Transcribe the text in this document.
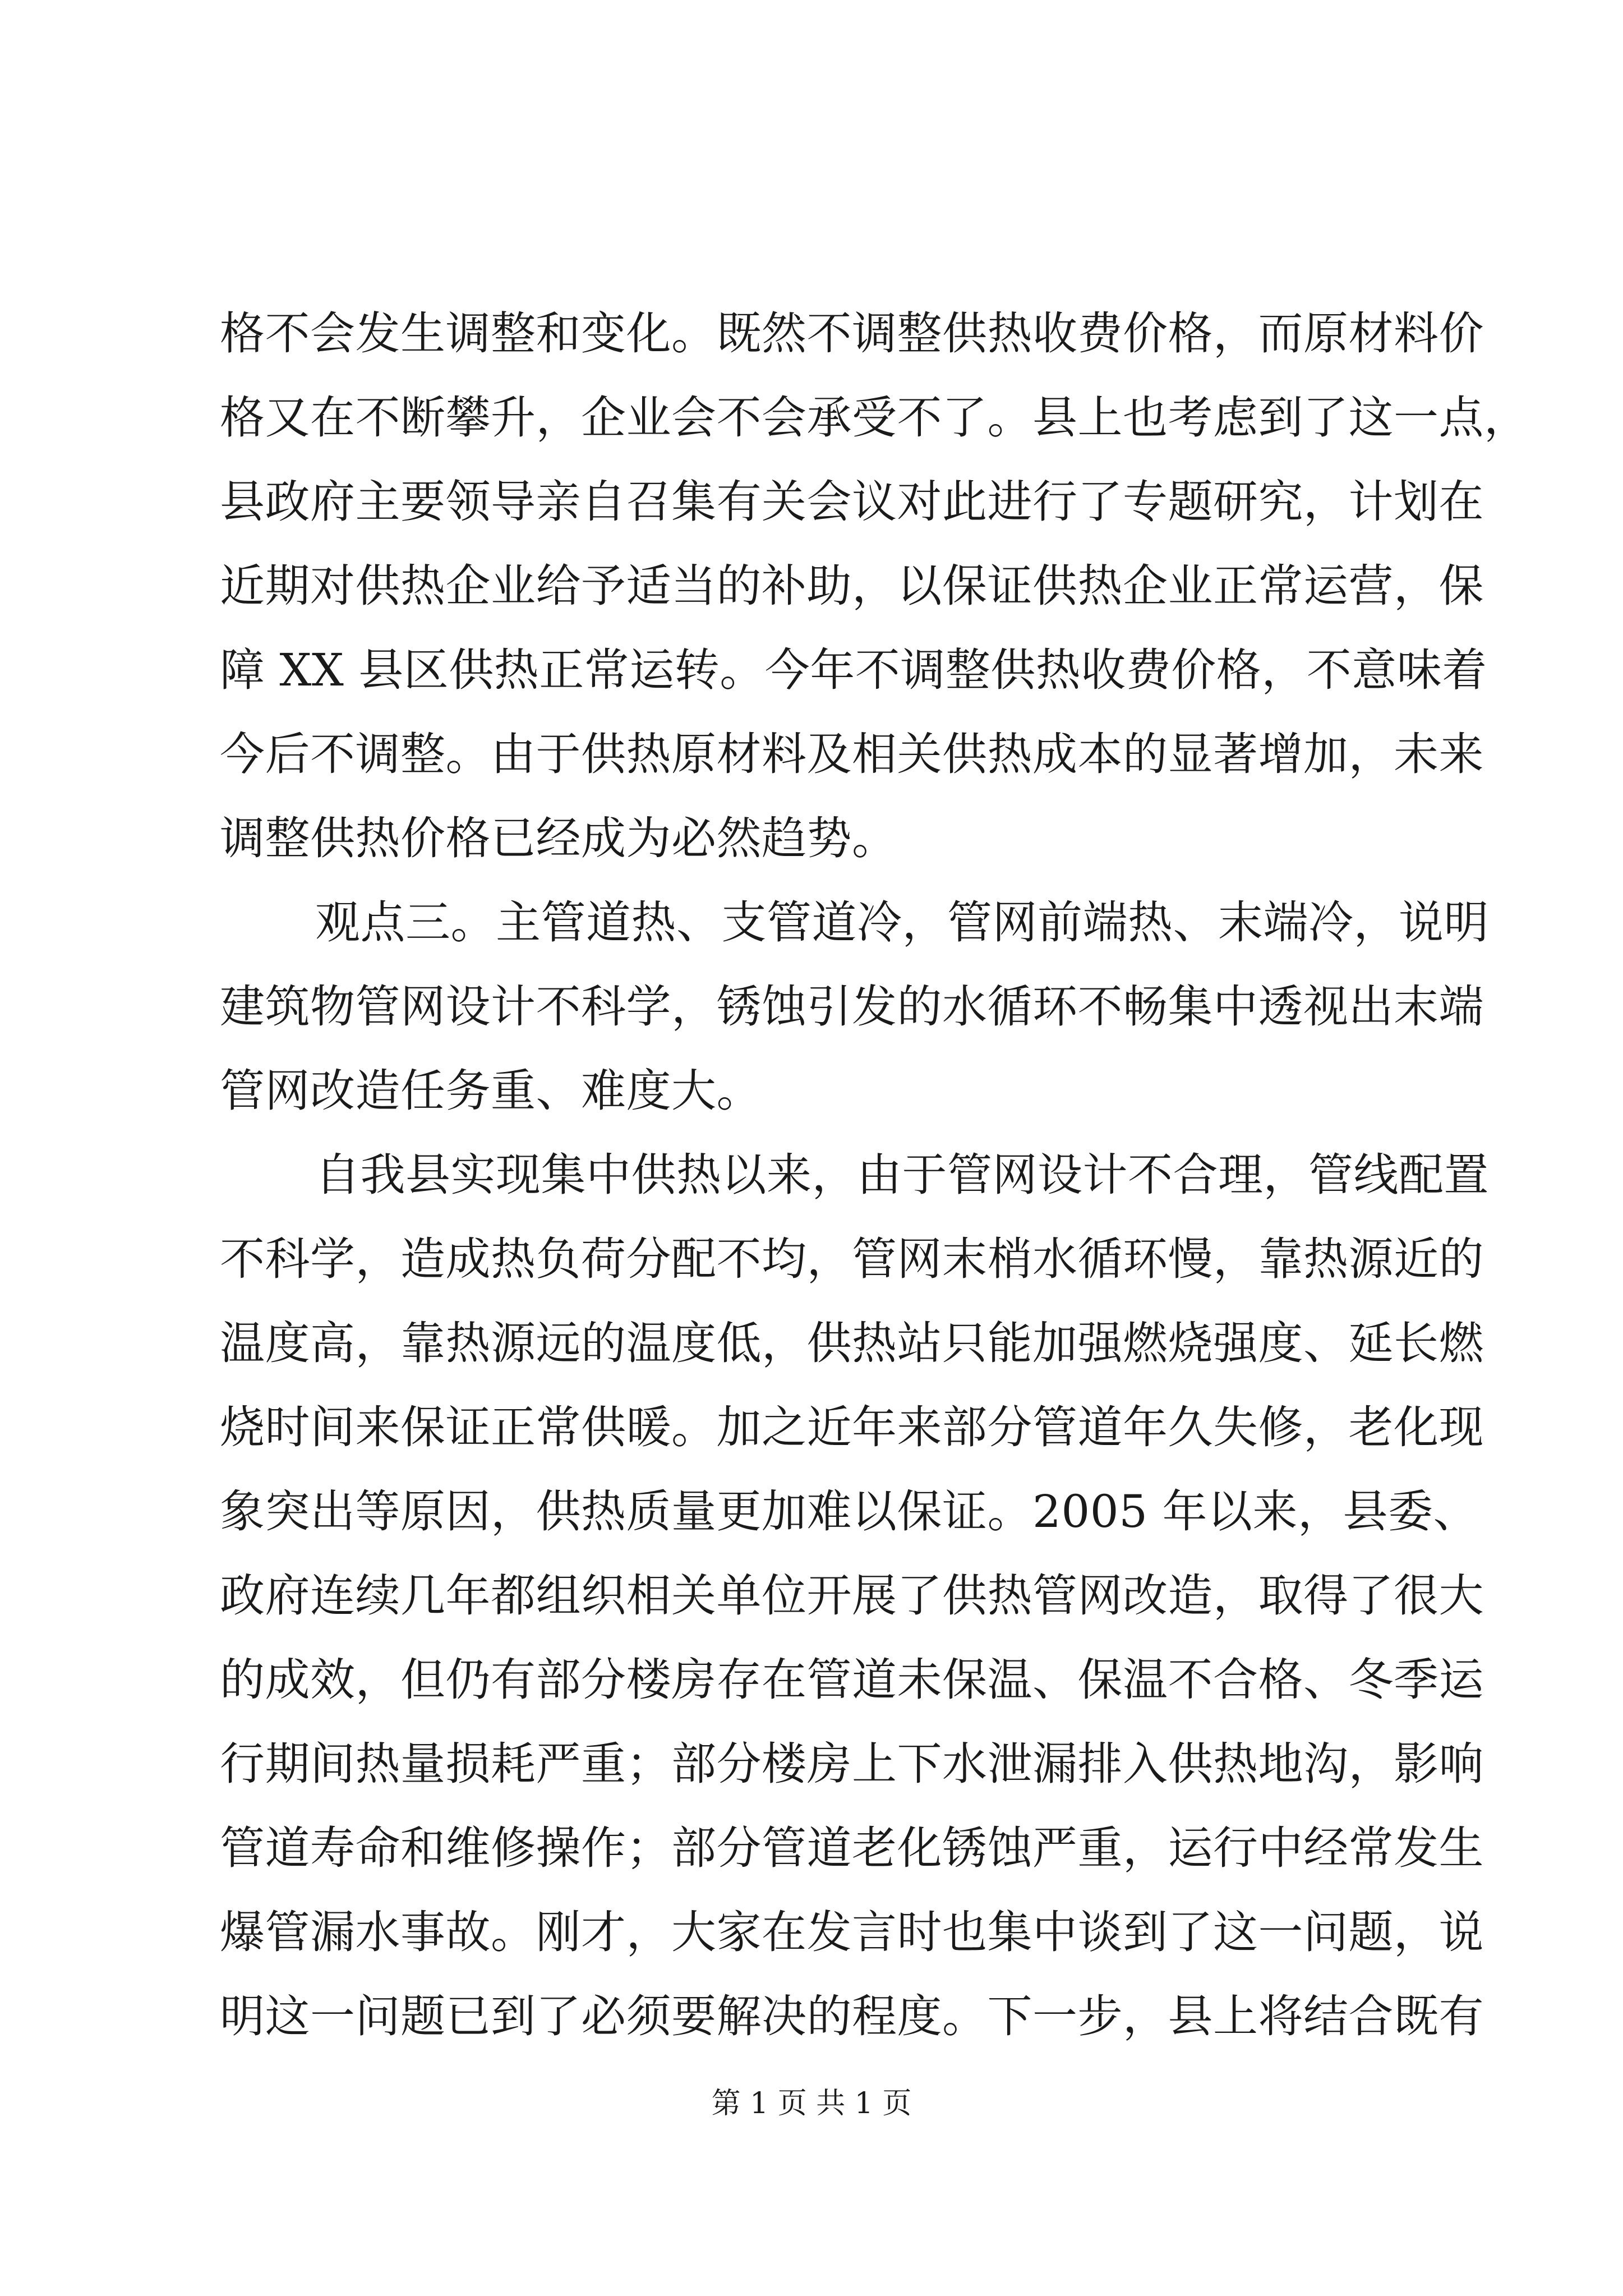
格不会发生调整和变化。既然不调整供热收费价格，而原材料价
格又在不断攀升，企业会不会承受不了。县上也考虑到了这一点，
县政府主要领导亲自召集有关会议对此进行了专题研究，计划在
近期对供热企业给予适当的补助，以保证供热企业正常运营，保
障 XX 县区供热正常运转。今年不调整供热收费价格，不意味着
今后不调整。由于供热原材料及相关供热成本的显著增加，未来
调整供热价格已经成为必然趋势。
观点三。主管道热、支管道冷，管网前端热、末端冷，说明
建筑物管网设计不科学，锈蚀引发的水循环不畅集中透视出末端
管网改造任务重、难度大。
自我县实现集中供热以来，由于管网设计不合理，管线配置
不科学，造成热负荷分配不均，管网末梢水循环慢，靠热源近的
温度高，靠热源远的温度低，供热站只能加强燃烧强度、延长燃
烧时间来保证正常供暖。加之近年来部分管道年久失修，老化现
象突出等原因，供热质量更加难以保证。2005 年以来，县委、
政府连续几年都组织相关单位开展了供热管网改造，取得了很大
的成效，但仍有部分楼房存在管道未保温、保温不合格、冬季运
行期间热量损耗严重；部分楼房上下水泄漏排入供热地沟，影响
管道寿命和维修操作；部分管道老化锈蚀严重，运行中经常发生
爆管漏水事故。刚才，大家在发言时也集中谈到了这一问题，说
明这一问题已到了必须要解决的程度。下一步，县上将结合既有
第 1 页 共 1 页
